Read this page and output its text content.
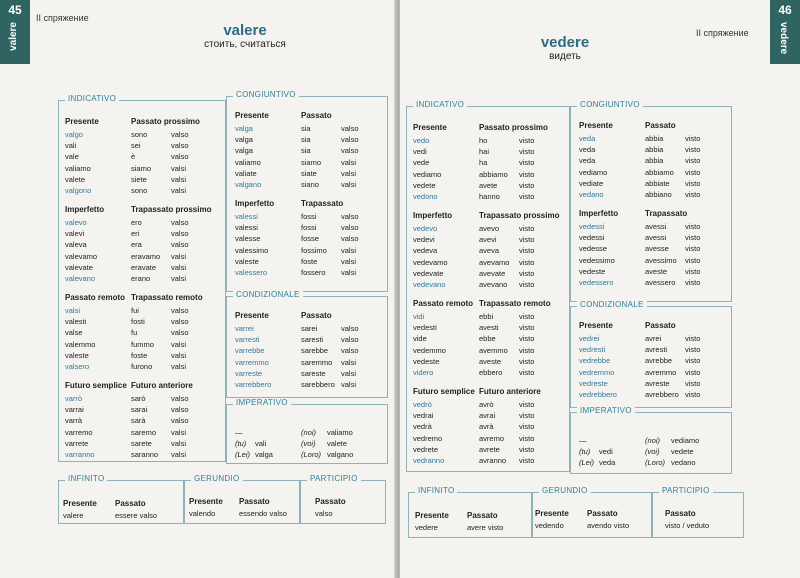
45
valere
II спряжение
valere
стоить, считаться
INDICATIVO
Presente	Passato prossimo
valgo	sono	valso
vali	sei	valso
vale	è	valso
valiamo	siamo	valsi
valete	siete	valsi
valgono	sono	valsi
Imperfetto	Trapassato prossimo
valevo	ero	valso
valevi	eri	valso
valeva	era	valso
valevamo	eravamo valsi
valevate	eravate valsi
valevano	erano	valsi
Passato remoto Trapassato remoto
valsi	fui	valso
valesti	fosti	valso
valse	fu	valso
valemmo	fummo valsi
valeste	foste	valsi
valsero	furono valsi
Futuro semplice Futuro anteriore
varrò	sarò	valso
varrai	sarai	valso
varrà	sarà	valso
varremo	saremo valsi
varrete	sarete	valsi
varranno	saranno valsi
CONGIUNTIVO
Presente	Passato
valga	sia	valso
valga	sia	valso
valga	sia	valso
valiamo	siamo	valsi
valiate	siate	valsi
valgano	siano	valsi
Imperfetto	Trapassato
valessi	fossi	valso
valessi	fossi	valso
valesse	fosse	valso
valessimo	fossimo valsi
valeste	foste	valsi
valessero	fossero valsi
CONDIZIONALE
Presente	Passato
varrei	sarei	valso
varresti	saresti valso
varrebbe	sarebbe valso
varremmo	saremmo valsi
varreste	sareste valsi
varrebbero	sarebbero valsi
IMPERATIVO
—	(noi) valiamo
(tu) vali	(voi) valete
(Lei) valga	(Loro) valgano
INFINITO
Presente Passato
valere	essere valso
GERUNDIO
Presente Passato
valendo	essendo valso
PARTICIPIO
Passato
valso
46
vedere
II спряжение
vedere
видеть
INDICATIVO
Presente	Passato prossimo
vedo	ho	visto
vedi	hai	visto
vede	ha	visto
vediamo	abbiamo visto
vedete	avete	visto
vedono	hanno	visto
Imperfetto	Trapassato prossimo
vedevo	avevo	visto
vedevi	avevi	visto
vedeva	aveva	visto
vedevamo	avevamo visto
vedevate	avevate visto
vedevano	avevano visto
Passato remoto Trapassato remoto
vidi	ebbi	visto
vedesti	avesti	visto
vide	ebbe	visto
vedemmo	avemmo visto
vedeste	aveste visto
videro	ebbero visto
Futuro semplice Futuro anteriore
vedrò	avrò	visto
vedrai	avrai	visto
vedrà	avrà	visto
vedremo	avremo visto
vedrete	avrete	visto
vedranno	avranno visto
CONGIUNTIVO
Presente	Passato
veda	abbia	visto
veda	abbia	visto
veda	abbia	visto
vediamo	abbiamo visto
vediate	abbiate visto
vedano	abbiano visto
Imperfetto	Trapassato
vedessi	avessi visto
vedessi	avessi visto
vedesse	avesse visto
vedessimo	avessimo visto
vedeste	aveste visto
vedessero	avessero visto
CONDIZIONALE
Presente	Passato
vedrei	avrei	visto
vedresti	avresti visto
vedrebbe	avrebbe visto
vedremmo	avremmo visto
vedreste	avreste visto
vedrebbero	avrebbero visto
IMPERATIVO
—	(noi) vediamo
(tu) vedi	(voi) vedete
(Lei) veda	(Loro) vedano
INFINITO
Presente Passato
vedere	avere visto
GERUNDIO
Presente Passato
vedendo	avendo visto
PARTICIPIO
Passato
visto / veduto
